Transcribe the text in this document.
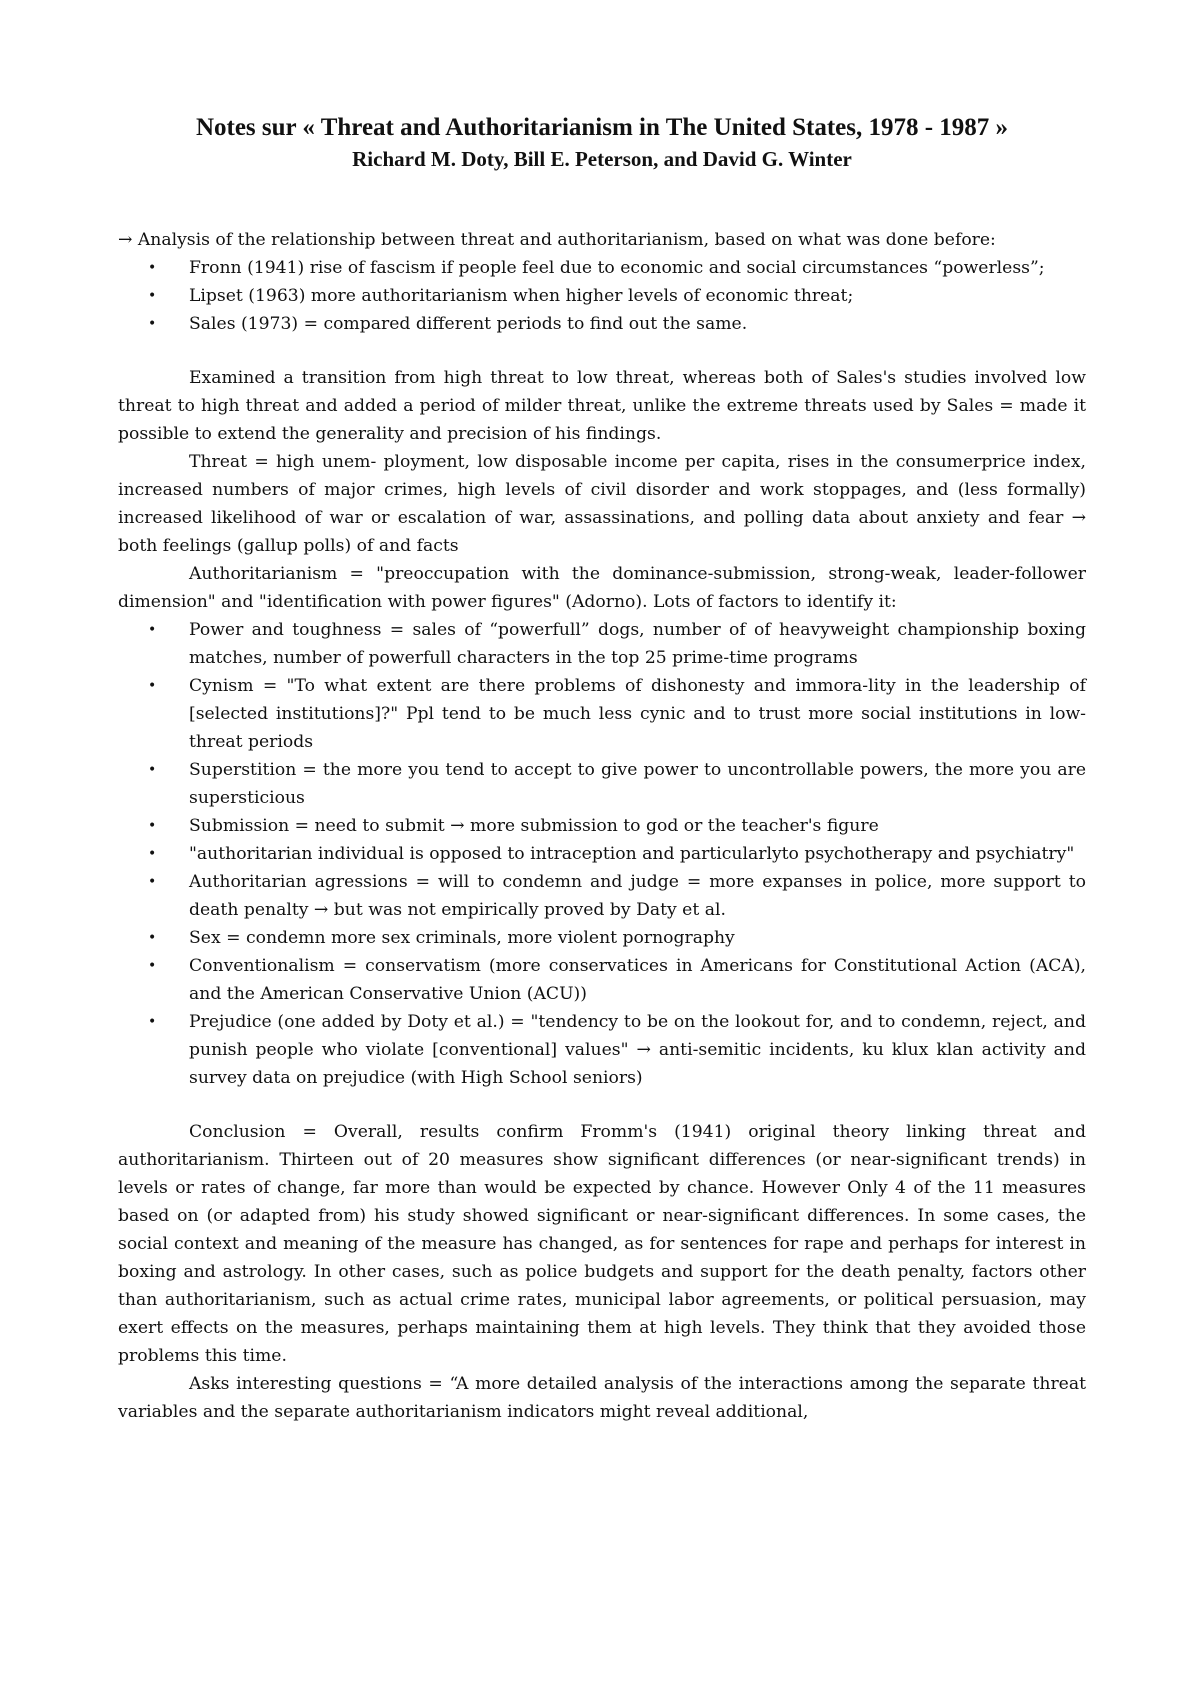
Notes sur « Threat and Authoritarianism in The United States, 1978 - 1987 »

Richard M. Doty, Bill E. Peterson, and David G. Winter

→ Analysis of the relationship between threat and authoritarianism, based on what was done before:

• Fronn (1941) rise of fascism if people feel due to economic and social circumstances “powerless”;
• Lipset (1963) more authoritarianism when higher levels of economic threat;
• Sales (1973) = compared different periods to find out the same.

Examined a transition from high threat to low threat, whereas both of Sales's studies involved low threat to high threat and added a period of milder threat, unlike the extreme threats used by Sales = made it possible to extend the generality and precision of his findings.

Threat = high unem- ployment, low disposable income per capita, rises in the consumerprice index, increased numbers of major crimes, high levels of civil disorder and work stoppages, and (less formally) increased likelihood of war or escalation of war, assassinations, and polling data about anxiety and fear → both feelings (gallup polls) of and facts

Authoritarianism = "preoccupation with the dominance-submission, strong-weak, leader-follower dimension" and "identification with power figures" (Adorno). Lots of factors to identify it:

• Power and toughness = sales of “powerfull” dogs, number of of heavyweight championship boxing matches, number of powerfull characters in the top 25 prime-time programs
• Cynism = "To what extent are there problems of dishonesty and immora-lity in the leadership of [selected institutions]?" Ppl tend to be much less cynic and to trust more social institutions in low-threat periods
• Superstition = the more you tend to accept to give power to uncontrollable powers, the more you are supersticious
• Submission = need to submit → more submission to god or the teacher's figure
• "authoritarian individual is opposed to intraception and particularlyto psychotherapy and psychiatry"
• Authoritarian agressions = will to condemn and judge = more expanses in police, more support to death penalty → but was not empirically proved by Daty et al.
• Sex = condemn more sex criminals, more violent pornography
• Conventionalism = conservatism (more conservatices in Americans for Constitutional Action (ACA), and the American Conservative Union (ACU))
• Prejudice (one added by Doty et al.) = "tendency to be on the lookout for, and to condemn, reject, and punish people who violate [conventional] values" → anti-semitic incidents, ku klux klan activity and survey data on prejudice (with High School seniors)

Conclusion = Overall, results confirm Fromm's (1941) original theory linking threat and authoritarianism. Thirteen out of 20 measures show significant differences (or near-significant trends) in levels or rates of change, far more than would be expected by chance. However Only 4 of the 11 measures based on (or adapted from) his study showed significant or near-significant differences. In some cases, the social context and meaning of the measure has changed, as for sentences for rape and perhaps for interest in boxing and astrology. In other cases, such as police budgets and support for the death penalty, factors other than authoritarianism, such as actual crime rates, municipal labor agreements, or political persuasion, may exert effects on the measures, perhaps maintaining them at high levels. They think that they avoided those problems this time.

Asks interesting questions = “A more detailed analysis of the interactions among the separate threat variables and the separate authoritarianism indicators might reveal additional,
